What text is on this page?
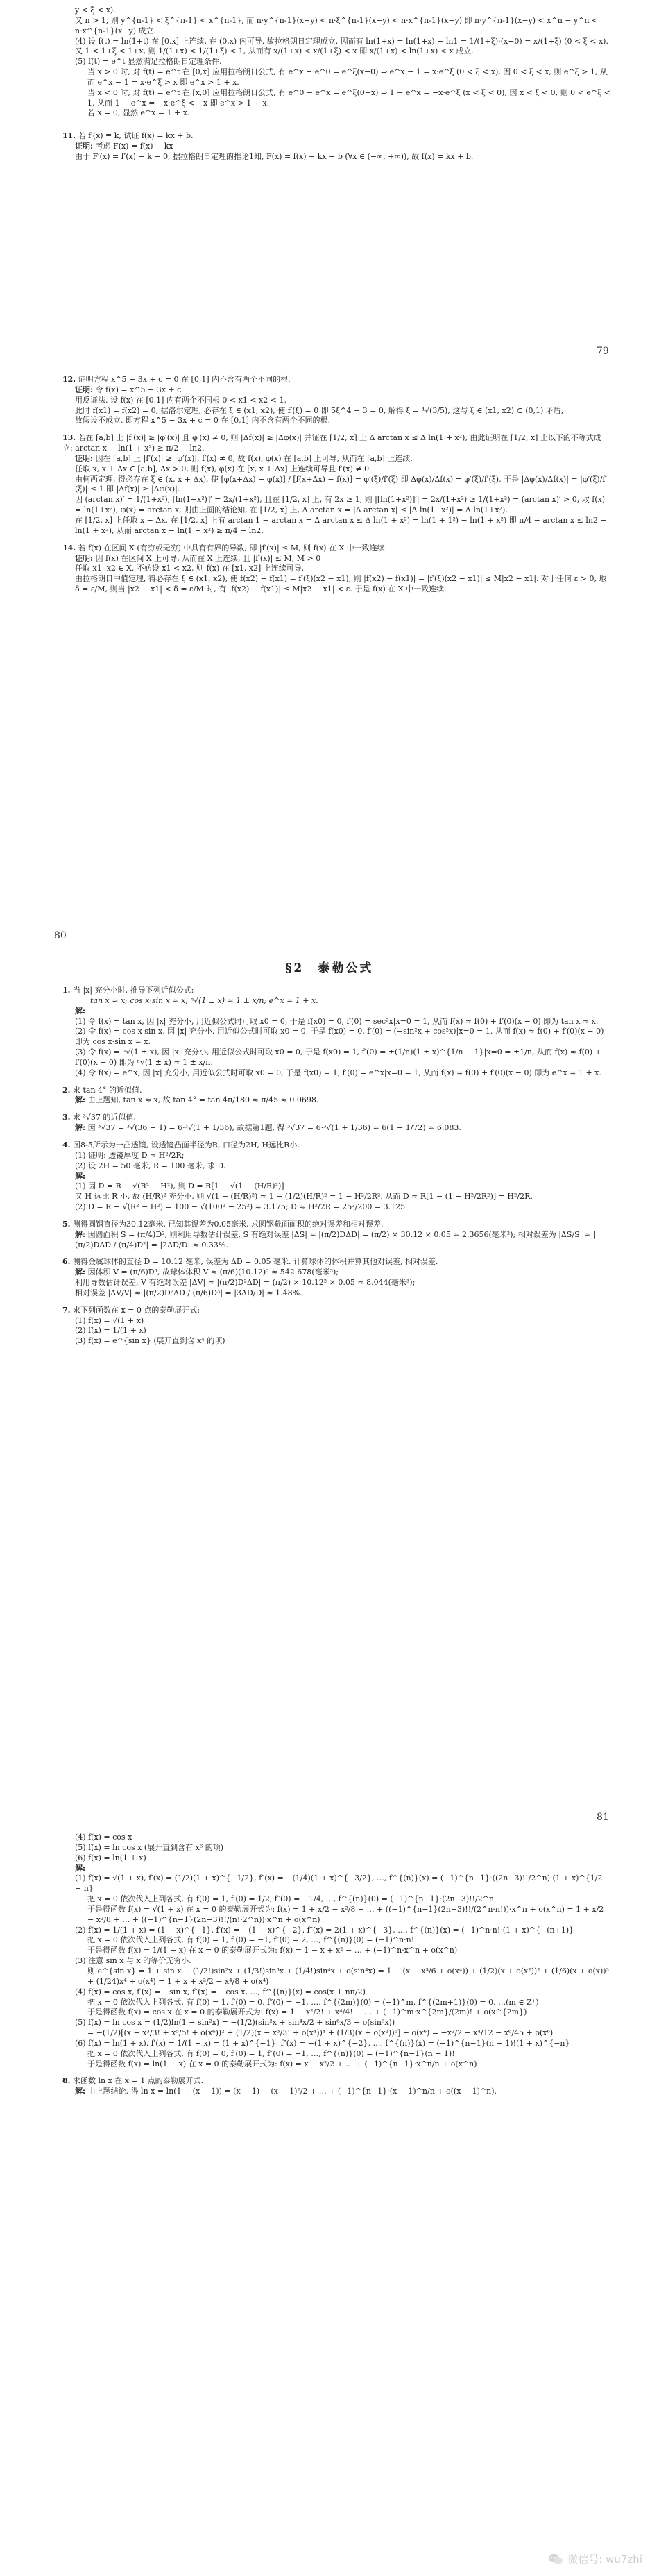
y < ξ < x).
又 n > 1, 则 y^{n-1} < ξ^{n-1} < x^{n-1}, 而 n·y^{n-1}(x−y) < n·ξ^{n-1}(x−y) < n·x^{n-1}(x−y) 即 n·y^{n-1}(x−y) < x^n − y^n < n·x^{n-1}(x−y) 成立.
(4) 设 f(t) = ln(1+t) 在 [0,x] 上连续, 在 (0,x) 内可导, 故拉格朗日定理成立, 因而有 ln(1+x) = ln(1+x) − ln1 = 1/(1+ξ)·(x−0) = x/(1+ξ) (0 < ξ < x). 又 1 < 1+ξ < 1+x, 则 1/(1+x) < 1/(1+ξ) < 1, 从而有 x/(1+x) < x/(1+ξ) < x 即 x/(1+x) < ln(1+x) < x 成立.
(5) f(t) = e^t 显然满足拉格朗日定理条件.
当 x > 0 时, 对 f(t) = e^t 在 [0,x] 应用拉格朗日公式, 有 e^x − e^0 = e^ξ(x−0) ⇒ e^x − 1 = x·e^ξ (0 < ξ < x), 因 0 < ξ < x, 则 e^ξ > 1, 从而 e^x − 1 = x·e^ξ > x 即 e^x > 1 + x.
当 x < 0 时, 对 f(t) = e^t 在 [x,0] 应用拉格朗日公式, 有 e^0 − e^x = e^ξ(0−x) ⇒ 1 − e^x = −x·e^ξ (x < ξ < 0), 因 x < ξ < 0, 则 0 < e^ξ < 1, 从而 1 − e^x = −x·e^ξ < −x 即 e^x > 1 + x.
若 x = 0, 显然 e^x = 1 + x.
11. 若 f′(x) ≡ k, 试证 f(x) = kx + b.
证明: 考虑 F(x) = f(x) − kx
由于 F′(x) = f′(x) − k ≡ 0, 据拉格朗日定理的推论1知, F(x) = f(x) − kx ≡ b (∀x ∈ (−∞, +∞)), 故 f(x) = kx + b.
79
12. 证明方程 x^5 − 3x + c = 0 在 [0,1] 内不含有两个不同的根.
证明: 令 f(x) = x^5 − 3x + c
用反证法. 设 f(x) 在 [0,1] 内有两个不同根 0 < x1 < x2 < 1,
此时 f(x1) = f(x2) = 0, 据洛尔定理, 必存在 ξ ∈ (x1, x2), 使 f′(ξ) = 0 即 5ξ^4 − 3 = 0, 解得 ξ = ⁴√(3/5), 这与 ξ ∈ (x1, x2) ⊂ (0,1) 矛盾,
故假设不成立. 即方程 x^5 − 3x + c = 0 在 [0,1] 内不含有两个不同的根.
13. 若在 [a,b] 上 |f′(x)| ≥ |φ′(x)| 且 φ′(x) ≠ 0, 则 |Δf(x)| ≥ |Δφ(x)| 并证在 [1/2, x] 上 Δ arctan x ≤ Δ ln(1 + x²), 由此证明在 [1/2, x] 上以下的不等式成立: arctan x − ln(1 + x²) ≥ π/2 − ln2.
证明: 因在 [a,b] 上 |f′(x)| ≥ |φ′(x)|, f′(x) ≠ 0, 故 f(x), φ(x) 在 [a,b] 上可导, 从而在 [a,b] 上连续.
任取 x, x + Δx ∈ [a,b], Δx > 0, 则 f(x), φ(x) 在 [x, x + Δx] 上连续可导且 f′(x) ≠ 0.
由柯西定理, 得必存在 ξ ∈ (x, x + Δx), 使 [φ(x+Δx) − φ(x)] / [f(x+Δx) − f(x)] = φ′(ξ)/f′(ξ) 即 Δφ(x)/Δf(x) = φ′(ξ)/f′(ξ), 于是 |Δφ(x)/Δf(x)| = |φ′(ξ)/f′(ξ)| ≤ 1 即 |Δf(x)| ≥ |Δφ(x)|.
因 (arctan x)′ = 1/(1+x²), [ln(1+x²)]′ = 2x/(1+x²), 且在 [1/2, x] 上, 有 2x ≥ 1, 则 |[ln(1+x²)]′| = 2x/(1+x²) ≥ 1/(1+x²) = (arctan x)′ > 0, 取 f(x) = ln(1+x²), φ(x) = arctan x, 则由上面的结论知, 在 [1/2, x] 上, Δ arctan x = |Δ arctan x| ≤ |Δ ln(1+x²)| = Δ ln(1+x²).
在 [1/2, x] 上任取 x − Δx, 在 [1/2, x] 上有 arctan 1 − arctan x = Δ arctan x ≤ Δ ln(1 + x²) = ln(1 + 1²) − ln(1 + x²) 即 π/4 − arctan x ≤ ln2 − ln(1 + x²), 从而 arctan x − ln(1 + x²) ≥ π/4 − ln2.
14. 若 f(x) 在区间 X (有穷或无穷) 中具有有界的导数, 即 |f′(x)| ≤ M, 则 f(x) 在 X 中一致连续.
证明: 因 f(x) 在区间 X 上可导, 从而在 X 上连续, 且 |f′(x)| ≤ M, M > 0
任取 x1, x2 ∈ X, 不妨设 x1 < x2, 则 f(x) 在 [x1, x2] 上连续可导.
由拉格朗日中值定理, 得必存在 ξ ∈ (x1, x2), 使 f(x2) − f(x1) = f′(ξ)(x2 − x1), 则 |f(x2) − f(x1)| = |f′(ξ)(x2 − x1)| ≤ M|x2 − x1|. 对于任何 ε > 0, 取 δ = ε/M, 则当 |x2 − x1| < δ = ε/M 时, 有 |f(x2) − f(x1)| ≤ M|x2 − x1| < ε. 于是 f(x) 在 X 中一致连续.
80
§2　泰勒公式
1. 当 |x| 充分小时, 推导下列近似公式:
tan x ≈ x; cos x·sin x ≈ x; ⁿ√(1 ± x) ≈ 1 ± x/n; e^x ≈ 1 + x.
解:
(1) 令 f(x) = tan x, 因 |x| 充分小, 用近似公式时可取 x0 = 0, 于是 f(x0) = 0, f′(0) = sec²x|x=0 = 1, 从而 f(x) ≈ f(0) + f′(0)(x − 0) 即为 tan x ≈ x.
(2) 令 f(x) = cos x sin x, 因 |x| 充分小, 用近似公式时可取 x0 = 0, 于是 f(x0) = 0, f′(0) = (−sin²x + cos²x)|x=0 = 1, 从而 f(x) ≈ f(0) + f′(0)(x − 0) 即为 cos x·sin x ≈ x.
(3) 令 f(x) = ⁿ√(1 ± x), 因 |x| 充分小, 用近似公式时可取 x0 = 0, 于是 f(x0) = 1, f′(0) = ±(1/n)(1 ± x)^{1/n − 1}|x=0 = ±1/n, 从而 f(x) ≈ f(0) + f′(0)(x − 0) 即为 ⁿ√(1 ± x) ≈ 1 ± x/n.
(4) 令 f(x) = e^x, 因 |x| 充分小, 用近似公式时可取 x0 = 0, 于是 f(x0) = 1, f′(0) = e^x|x=0 = 1, 从而 f(x) ≈ f(0) + f′(0)(x − 0) 即为 e^x ≈ 1 + x.
2. 求 tan 4° 的近似值.
解: 由上题知, tan x ≈ x, 故 tan 4° = tan 4π/180 ≈ π/45 ≈ 0.0698.
3. 求 ³√37 的近似值.
解: 因 ³√37 = ³√(36 + 1) = 6·³√(1 + 1/36), 故据第1题, 得 ³√37 = 6·³√(1 + 1/36) ≈ 6(1 + 1/72) ≈ 6.083.
4. 图8-5所示为一凸透镜, 设透镜凸面半径为R, 口径为2H, H远比R小.
(1) 证明: 透镜厚度 D ≈ H²/2R;
(2) 设 2H = 50 毫米, R = 100 毫米, 求 D.
解:
(1) 因 D = R − √(R² − H²), 则 D = R[1 − √(1 − (H/R)²)]
又 H 远比 R 小, 故 (H/R)² 充分小, 则 √(1 − (H/R)²) ≈ 1 − (1/2)(H/R)² = 1 − H²/2R², 从而 D ≈ R[1 − (1 − H²/2R²)] = H²/2R.
(2) D = R − √(R² − H²) = 100 − √(100² − 25²) ≈ 3.175; D ≈ H²/2R = 25²/200 = 3.125
5. 测得圆钢直径为30.12毫米, 已知其误差为0.05毫米, 求圆钢截面面积的绝对误差和相对误差.
解: 因圆面积 S = (π/4)D², 则利用导数估计误差, S 有绝对误差 |ΔS| ≈ |(π/2)DΔD| = (π/2) × 30.12 × 0.05 ≈ 2.3656(毫米²); 相对误差为 |ΔS/S| ≈ |(π/2)DΔD / (π/4)D²| = |2ΔD/D| ≈ 0.33%.
6. 测得金属球体的直径 D = 10.12 毫米, 误差为 ΔD = 0.05 毫米. 计算球体的体积并算其他对误差, 相对误差.
解: 因体积 V = (π/6)D³, 故球体体积 V ≈ (π/6)(10.12)³ ≈ 542.678(毫米³);
利用导数估计误差, V 有绝对误差 |ΔV| ≈ |(π/2)D²ΔD| = (π/2) × 10.12² × 0.05 ≈ 8.044(毫米³);
相对误差 |ΔV/V| ≈ |(π/2)D²ΔD / (π/6)D³| = |3ΔD/D| ≈ 1.48%.
7. 求下列函数在 x = 0 点的泰勒展开式:
(1) f(x) = √(1 + x)
(2) f(x) = 1/(1 + x)
(3) f(x) = e^{sin x} (展开直到含 x⁴ 的项)
81
(4) f(x) = cos x
(5) f(x) = ln cos x (展开直到含有 x⁶ 的项)
(6) f(x) = ln(1 + x)
解:
(1) f(x) = √(1 + x), f′(x) = (1/2)(1 + x)^{−1/2}, f″(x) = −(1/4)(1 + x)^{−3/2}, …, f^{(n)}(x) = (−1)^{n−1}·((2n−3)!!/2^n)·(1 + x)^{1/2 − n}
把 x = 0 依次代入上列各式, 有 f(0) = 1, f′(0) = 1/2, f″(0) = −1/4, …, f^{(n)}(0) = (−1)^{n−1}·(2n−3)!!/2^n
于是得函数 f(x) = √(1 + x) 在 x = 0 的泰勒展开式为: f(x) = 1 + x/2 − x²/8 + … + ((−1)^{n−1}(2n−3)!!/(2^n·n!))·x^n + o(x^n) = 1 + x/2 − x²/8 + … + ((−1)^{n−1}(2n−3)!!/(n!·2^n))·x^n + o(x^n)
(2) f(x) = 1/(1 + x) = (1 + x)^{−1}, f′(x) = −(1 + x)^{−2}, f″(x) = 2(1 + x)^{−3}, …, f^{(n)}(x) = (−1)^n·n!·(1 + x)^{−(n+1)}
把 x = 0 依次代入上列各式, 有 f(0) = 1, f′(0) = −1, f″(0) = 2, …, f^{(n)}(0) = (−1)^n·n!
于是得函数 f(x) = 1/(1 + x) 在 x = 0 的泰勒展开式为: f(x) = 1 − x + x² − … + (−1)^n·x^n + o(x^n)
(3) 注意 sin x 与 x 的等价无穷小.
则 e^{sin x} = 1 + sin x + (1/2!)sin²x + (1/3!)sin³x + (1/4!)sin⁴x + o(sin⁴x) = 1 + (x − x³/6 + o(x⁴)) + (1/2)(x + o(x²))² + (1/6)(x + o(x))³ + (1/24)x⁴ + o(x⁴) = 1 + x + x²/2 − x⁴/8 + o(x⁴)
(4) f(x) = cos x, f′(x) = −sin x, f″(x) = −cos x, …, f^{(n)}(x) = cos(x + nπ/2)
把 x = 0 依次代入上列各式, 有 f(0) = 1, f′(0) = 0, f″(0) = −1, …, f^{(2m)}(0) = (−1)^m, f^{(2m+1)}(0) = 0, …(m ∈ Z⁺)
于是得函数 f(x) = cos x 在 x = 0 的泰勒展开式为: f(x) = 1 − x²/2! + x⁴/4! − … + (−1)^m·x^{2m}/(2m)! + o(x^{2m})
(5) f(x) = ln cos x = (1/2)ln(1 − sin²x) = −(1/2)(sin²x + sin⁴x/2 + sin⁶x/3 + o(sin⁶x))
= −(1/2)[(x − x³/3! + x⁵/5! + o(x⁶))² + (1/2)(x − x³/3! + o(x⁴))⁴ + (1/3)(x + o(x²))⁶] + o(x⁶) = −x²/2 − x⁴/12 − x⁶/45 + o(x⁶)
(6) f(x) = ln(1 + x), f′(x) = 1/(1 + x) = (1 + x)^{−1}, f″(x) = −(1 + x)^{−2}, …, f^{(n)}(x) = (−1)^{n−1}(n − 1)!(1 + x)^{−n}
把 x = 0 依次代入上列各式, 有 f(0) = 0, f′(0) = 1, f″(0) = −1, …, f^{(n)}(0) = (−1)^{n−1}(n − 1)!
于是得函数 f(x) = ln(1 + x) 在 x = 0 的泰勒展开式为: f(x) = x − x²/2 + … + (−1)^{n−1}·x^n/n + o(x^n)
8. 求函数 ln x 在 x = 1 点的泰勒展开式.
解: 由上题结论, 得 ln x = ln(1 + (x − 1)) = (x − 1) − (x − 1)²/2 + … + (−1)^{n−1}·(x − 1)^n/n + o((x − 1)^n).
微信号: wu7zhi
